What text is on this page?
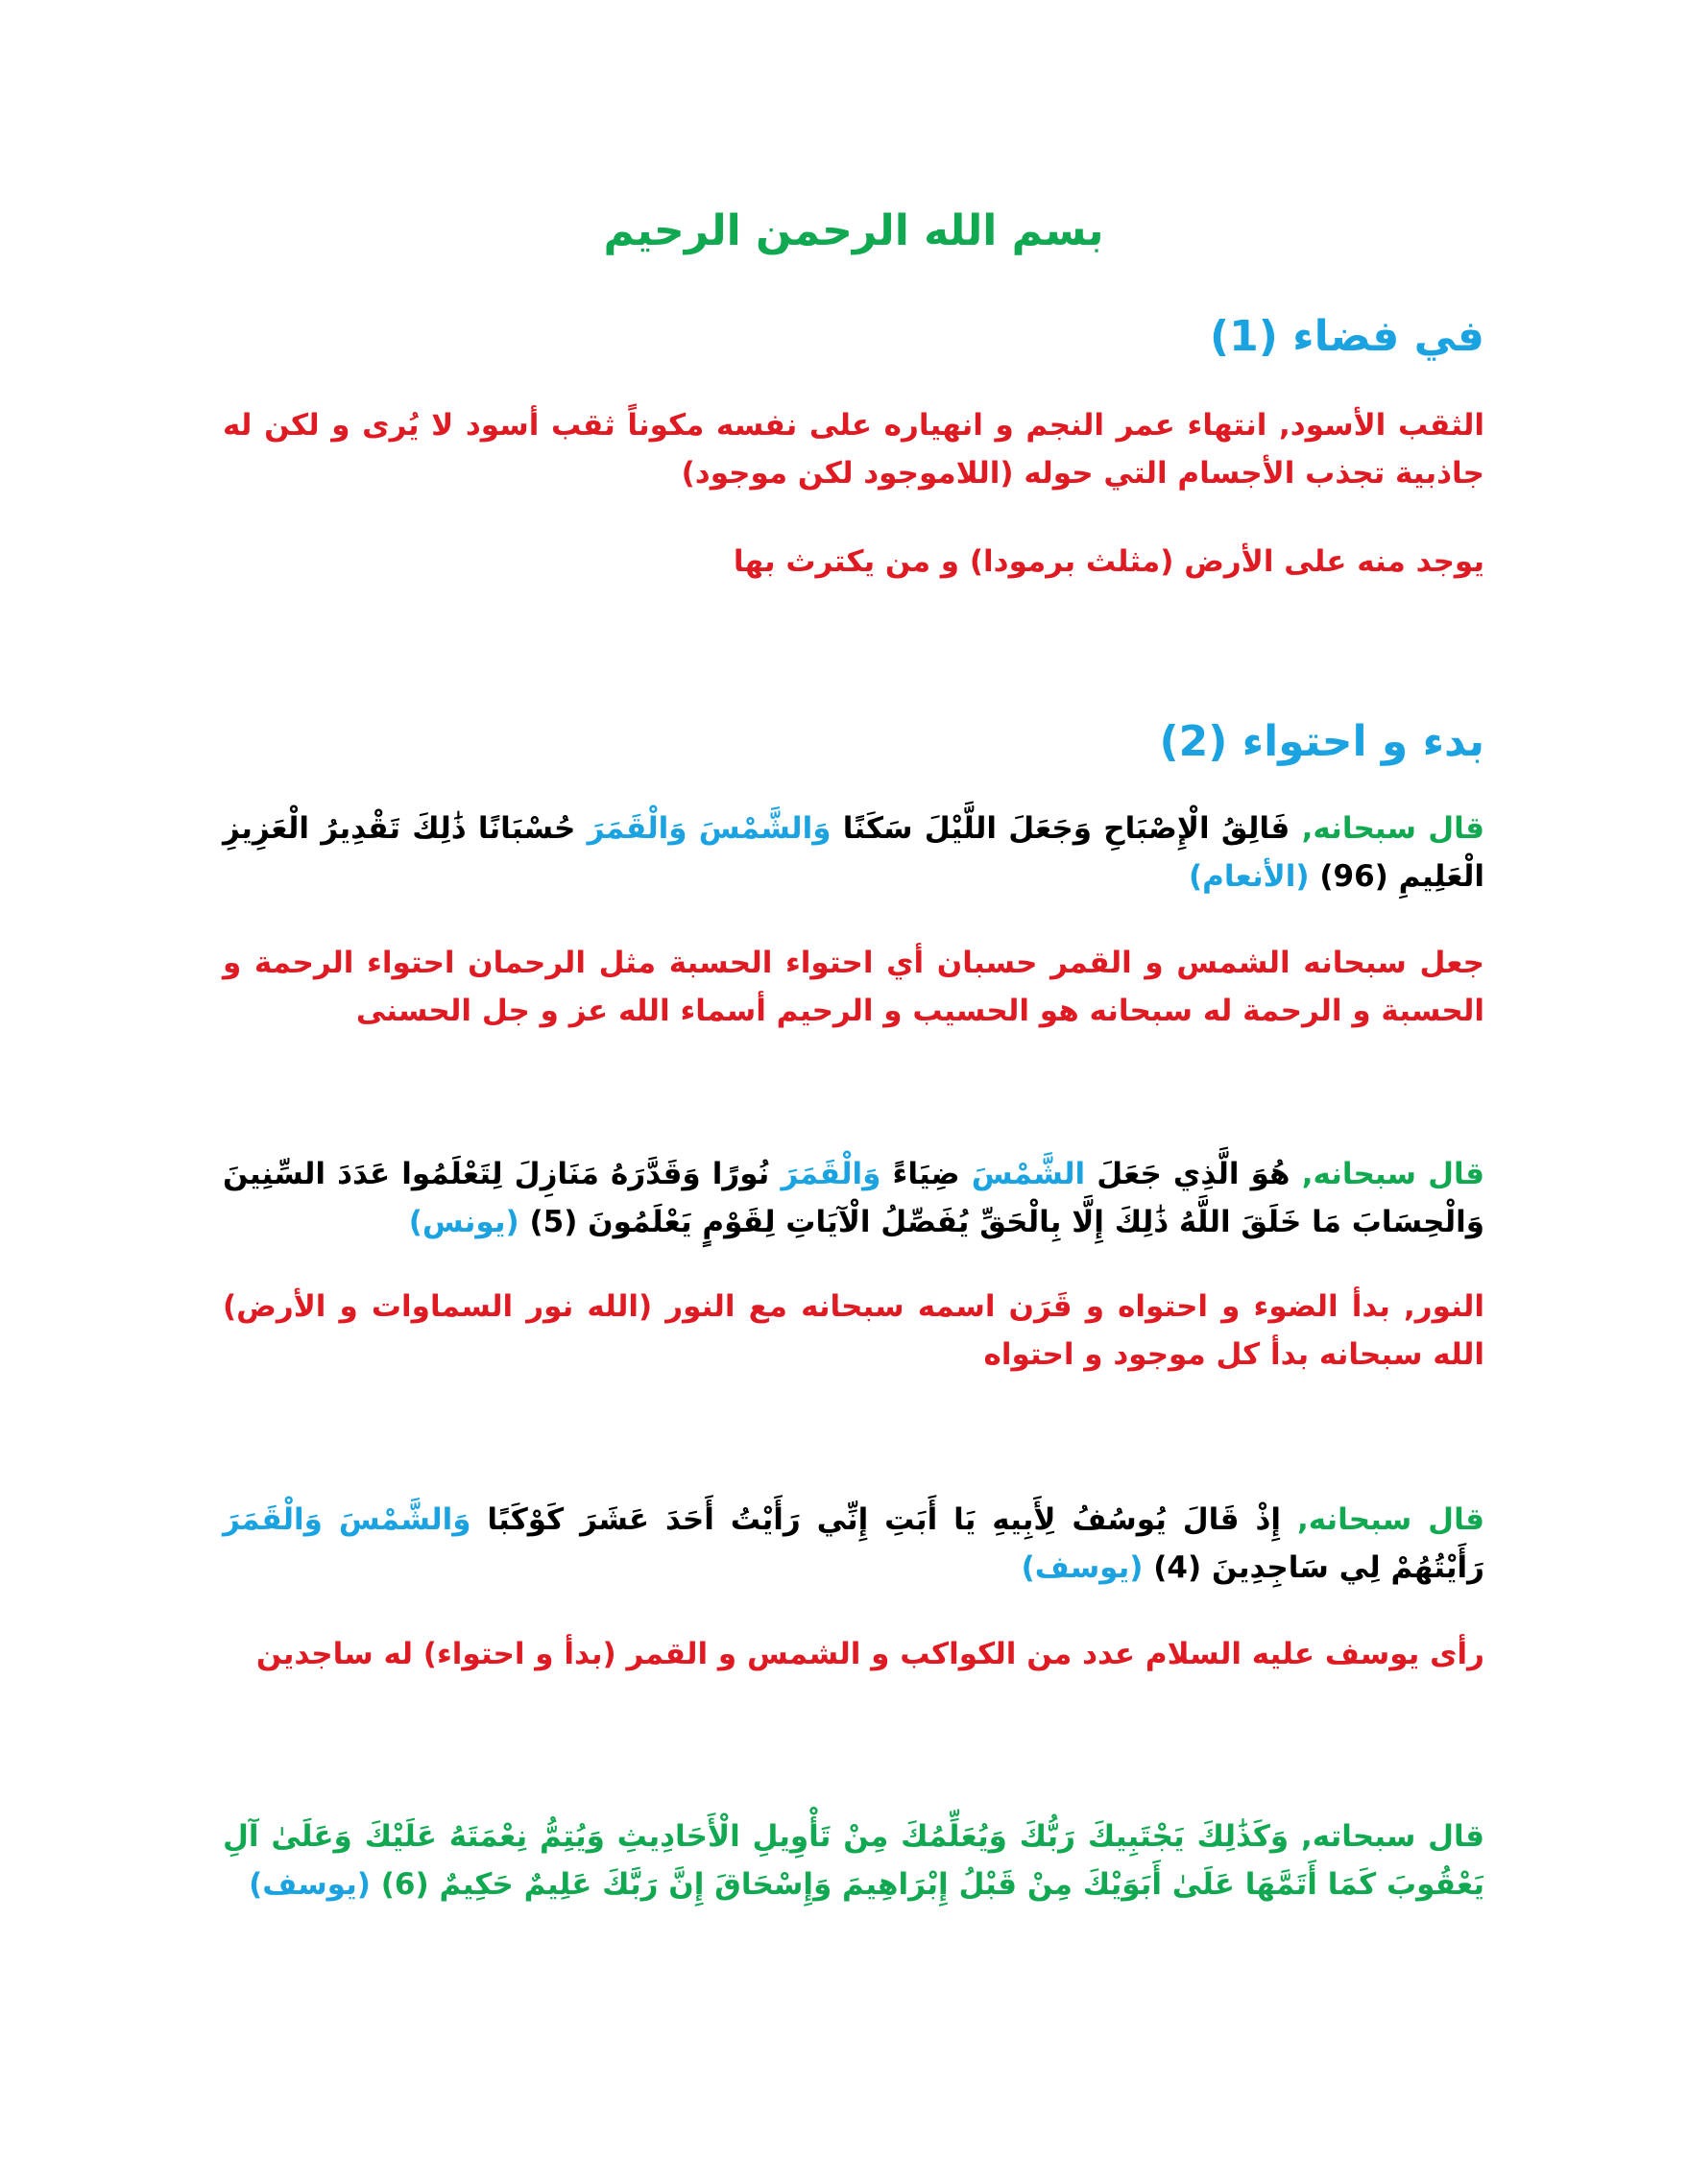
بسم الله الرحمن الرحيم
في فضاء (1)
الثقب الأسود, انتهاء عمر النجم و انهياره على نفسه مكوناً ثقب أسود لا يُرى و لكن له جاذبية تجذب الأجسام التي حوله (اللاموجود لكن موجود)
يوجد منه على الأرض (مثلث برمودا) و من يكترث بها
بدء و احتواء (2)
قال سبحانه, فَالِقُ الْإِصْبَاحِ وَجَعَلَ اللَّيْلَ سَكَنًا وَالشَّمْسَ وَالْقَمَرَ حُسْبَانًا ذَٰلِكَ تَقْدِيرُ الْعَزِيزِ الْعَلِيمِ (96) (الأنعام)
جعل سبحانه الشمس و القمر حسبان أي احتواء الحسبة مثل الرحمان احتواء الرحمة و الحسبة و الرحمة له سبحانه هو الحسيب و الرحيم أسماء الله عز و جل الحسنى
قال سبحانه, هُوَ الَّذِي جَعَلَ الشَّمْسَ ضِيَاءً وَالْقَمَرَ نُورًا وَقَدَّرَهُ مَنَازِلَ لِتَعْلَمُوا عَدَدَ السِّنِينَ وَالْحِسَابَ مَا خَلَقَ اللَّهُ ذَٰلِكَ إِلَّا بِالْحَقِّ يُفَصِّلُ الْآيَاتِ لِقَوْمٍ يَعْلَمُونَ (5) (يونس)
النور, بدأ الضوء و احتواه و قَرَن اسمه سبحانه مع النور (الله نور السماوات و الأرض) الله سبحانه بدأ كل موجود و احتواه
قال سبحانه, إِذْ قَالَ يُوسُفُ لِأَبِيهِ يَا أَبَتِ إِنِّي رَأَيْتُ أَحَدَ عَشَرَ كَوْكَبًا وَالشَّمْسَ وَالْقَمَرَ رَأَيْتُهُمْ لِي سَاجِدِينَ (4) (يوسف)
رأى يوسف عليه السلام عدد من الكواكب و الشمس و القمر (بدأ و احتواء) له ساجدين
قال سبحاته, وَكَذَٰلِكَ يَجْتَبِيكَ رَبُّكَ وَيُعَلِّمُكَ مِنْ تَأْوِيلِ الْأَحَادِيثِ وَيُتِمُّ نِعْمَتَهُ عَلَيْكَ وَعَلَىٰ آلِ يَعْقُوبَ كَمَا أَتَمَّهَا عَلَىٰ أَبَوَيْكَ مِنْ قَبْلُ إِبْرَاهِيمَ وَإِسْحَاقَ إِنَّ رَبَّكَ عَلِيمٌ حَكِيمٌ (6) (يوسف)
